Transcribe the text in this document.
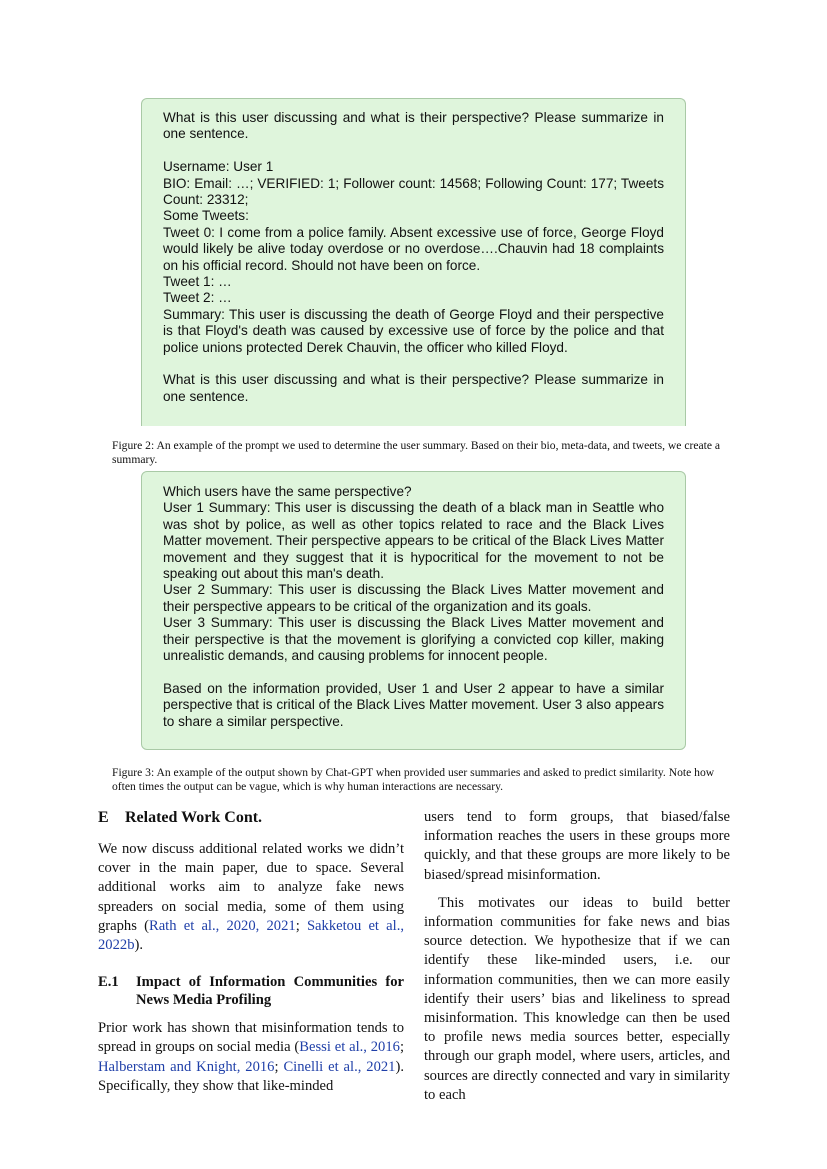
What is this user discussing and what is their perspective? Please summarize in one sentence.

Username: User 1

BIO: Email: …; VERIFIED: 1; Follower count: 14568; Following Count: 177; Tweets Count: 23312;

Some Tweets:

Tweet 0: I come from a police family. Absent excessive use of force, George Floyd would likely be alive today overdose or no overdose….Chauvin had 18 complaints on his official record. Should not have been on force.

Tweet 1: …

Tweet 2: …

Summary: This user is discussing the death of George Floyd and their perspective is that Floyd's death was caused by excessive use of force by the police and that police unions protected Derek Chauvin, the officer who killed Floyd.

What is this user discussing and what is their perspective? Please summarize in one sentence.

Figure 2: An example of the prompt we used to determine the user summary. Based on their bio, meta-data, and tweets, we create a summary.

Which users have the same perspective?

User 1 Summary: This user is discussing the death of a black man in Seattle who was shot by police, as well as other topics related to race and the Black Lives Matter movement. Their perspective appears to be critical of the Black Lives Matter movement and they suggest that it is hypocritical for the movement to not be speaking out about this man's death.

User 2 Summary: This user is discussing the Black Lives Matter movement and their perspective appears to be critical of the organization and its goals.

User 3 Summary: This user is discussing the Black Lives Matter movement and their perspective is that the movement is glorifying a convicted cop killer, making unrealistic demands, and causing problems for innocent people.

Based on the information provided, User 1 and User 2 appear to have a similar perspective that is critical of the Black Lives Matter movement. User 3 also appears to share a similar perspective.

Figure 3: An example of the output shown by Chat-GPT when provided user summaries and asked to predict similarity. Note how often times the output can be vague, which is why human interactions are necessary.
E Related Work Cont.

We now discuss additional related works we didn’t cover in the main paper, due to space. Several additional works aim to analyze fake news spreaders on social media, some of them using graphs (Rath et al., 2020, 2021; Sakketou et al., 2022b).

E.1	Impact of Information Communities for News Media Profiling

Prior work has shown that misinformation tends to spread in groups on social media (Bessi et al., 2016; Halberstam and Knight, 2016; Cinelli et al., 2021). Specifically, they show that like-minded

users tend to form groups, that biased/false information reaches the users in these groups more quickly, and that these groups are more likely to be biased/spread misinformation.

This motivates our ideas to build better information communities for fake news and bias source detection. We hypothesize that if we can identify these like-minded users, i.e. our information communities, then we can more easily identify their users’ bias and likeliness to spread misinformation. This knowledge can then be used to profile news media sources better, especially through our graph model, where users, articles, and sources are directly connected and vary in similarity to each
